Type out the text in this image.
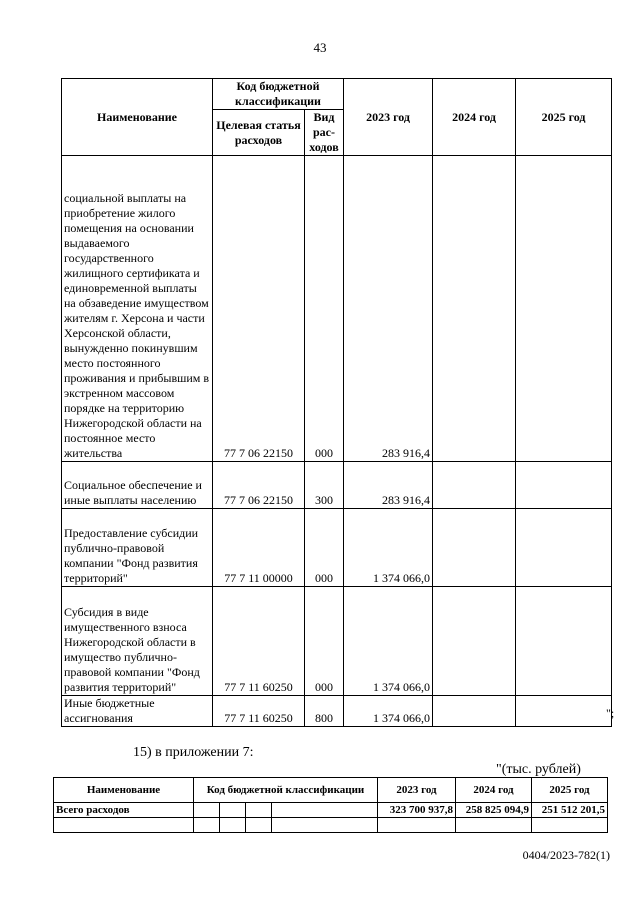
43
Наименование	Код бюджетной классификации		2023 год	2024 год	2025 год
	Целевая статья расходов	Вид рас-ходов			
социальной выплаты на приобретение жилого помещения на основании выдаваемого государственного жилищного сертификата и единовременной выплаты на обзаведение имуществом жителям г. Херсона и части Херсонской области, вынужденно покинувшим место постоянного проживания и прибывшим в экстренном массовом порядке на территорию Нижегородской области на постоянное место жительства	77 7 06 22150	000	283 916,4		
Социальное обеспечение и иные выплаты населению	77 7 06 22150	300	283 916,4		
Предоставление субсидии публично-правовой компании "Фонд развития территорий"	77 7 11 00000	000	1 374 066,0		
Субсидия в виде имущественного взноса Нижегородской области в имущество публично-правовой компании "Фонд развития территорий"	77 7 11 60250	000	1 374 066,0		
Иные бюджетные ассигнования	77 7 11 60250	800	1 374 066,0			";
15) в приложении 7:
"(тыс. рублей)
Наименование	Код бюджетной классификации				2023 год	2024 год	2025 год
Всего расходов					323 700 937,8	258 825 094,9	251 512 201,5

0404/2023-782(1)
